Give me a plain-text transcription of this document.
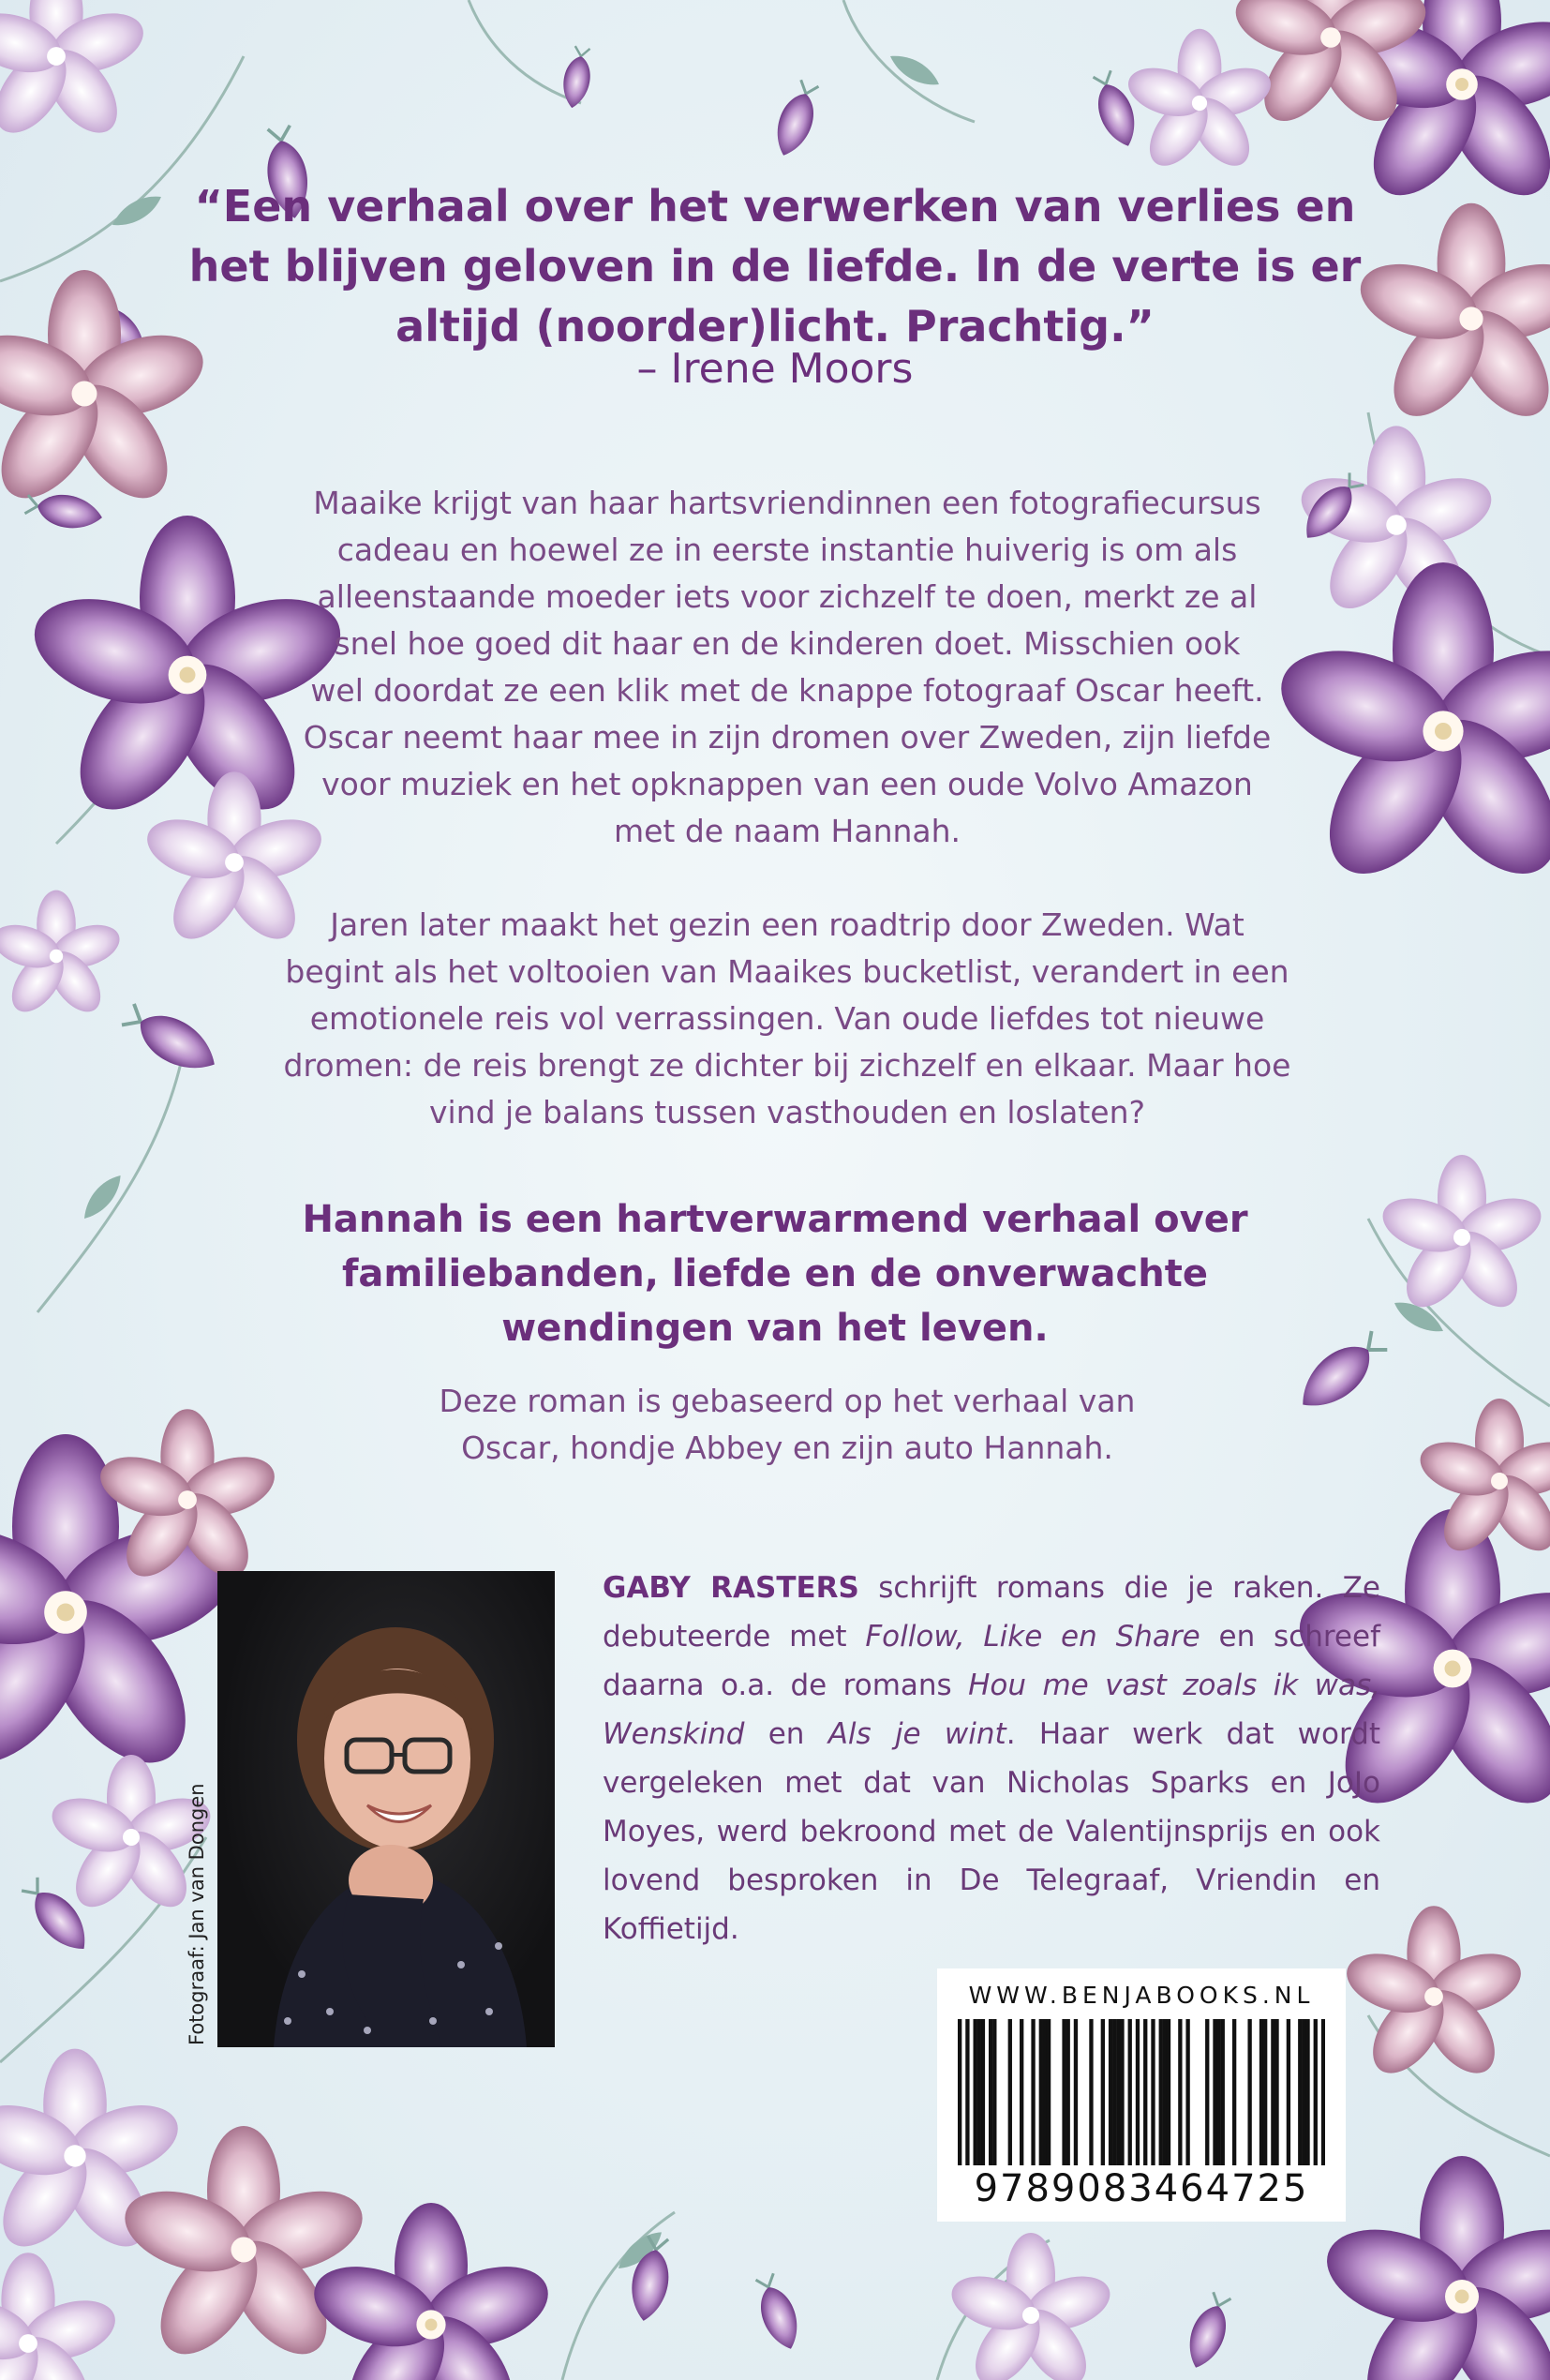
“Een verhaal over het verwerken van verlies en
het blijven geloven in de liefde. In de verte is er
altijd (noorder)licht. Prachtig.”
– Irene Moors
Maaike krijgt van haar hartsvriendinnen een fotografiecursus
cadeau en hoewel ze in eerste instantie huiverig is om als
alleenstaande moeder iets voor zichzelf te doen, merkt ze al
snel hoe goed dit haar en de kinderen doet. Misschien ook
wel doordat ze een klik met de knappe fotograaf Oscar heeft.
Oscar neemt haar mee in zijn dromen over Zweden, zijn liefde
voor muziek en het opknappen van een oude Volvo Amazon
met de naam Hannah.
Jaren later maakt het gezin een roadtrip door Zweden. Wat
begint als het voltooien van Maaikes bucketlist, verandert in een
emotionele reis vol verrassingen. Van oude liefdes tot nieuwe
dromen: de reis brengt ze dichter bij zichzelf en elkaar. Maar hoe
vind je balans tussen vasthouden en loslaten?
Hannah is een hartverwarmend verhaal over
familiebanden, liefde en de onverwachte
wendingen van het leven.
Deze roman is gebaseerd op het verhaal van
Oscar, hondje Abbey en zijn auto Hannah.
Fotograaf: Jan van Dongen
GABY RASTERS schrijft romans die je raken. Ze debuteerde met Follow, Like en Share en schreef daarna o.a. de romans Hou me vast zoals ik was, Wenskind en Als je wint. Haar werk dat wordt vergeleken met dat van Nicholas Sparks en JoJo Moyes, werd bekroond met de Valentijnsprijs en ook lovend besproken in De Telegraaf, Vriendin en Koffietijd.
WWW.BENJABOOKS.NL
9789083464725
